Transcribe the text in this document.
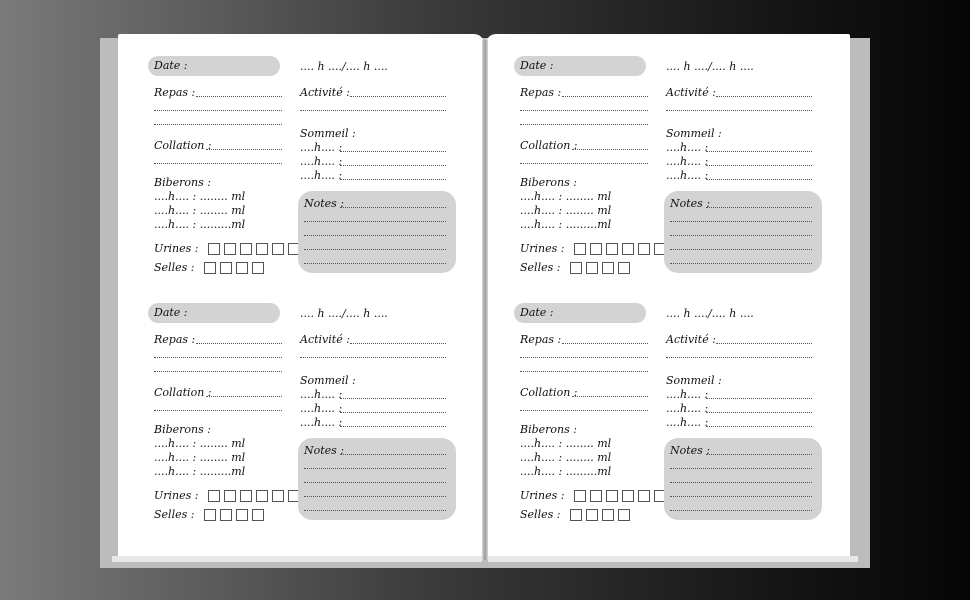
Date :	.... h ..../.... h ....
Repas :	Activité :
Collation :
Sommeil :
....h.... :
....h.... :
....h.... :
Biberons :
....h.... : ........ ml
....h.... : ........ ml
....h.... : .........ml
Urines :
Selles :
Notes :
Date :	.... h ..../.... h ....
Repas :	Activité :
Collation :
Sommeil :
....h.... :
....h.... :
....h.... :
Biberons :
....h.... : ........ ml
....h.... : ........ ml
....h.... : .........ml
Urines :
Selles :
Notes :
Date :	.... h ..../.... h ....
Repas :	Activité :
Collation :
Sommeil :
....h.... :
....h.... :
....h.... :
Biberons :
....h.... : ........ ml
....h.... : ........ ml
....h.... : .........ml
Urines :
Selles :
Notes :
Date :	.... h ..../.... h ....
Repas :	Activité :
Collation :
Sommeil :
....h.... :
....h.... :
....h.... :
Biberons :
....h.... : ........ ml
....h.... : ........ ml
....h.... : .........ml
Urines :
Selles :
Notes :
